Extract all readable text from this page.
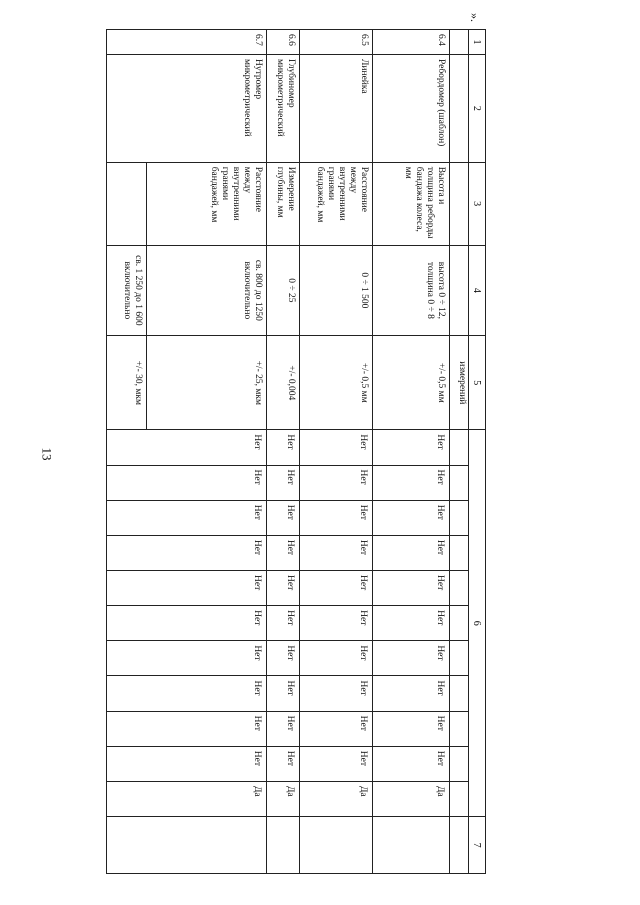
13
».
1	2	3	4	5	6											7
				измерений												
6.4	Ребордомер (шаблон)	Высота и толщина реборды бандажа колеса, мм	высота 0 ÷ 12, толщина 0 ÷ 8	+/- 0,5 мм	Нет	Нет	Нет	Нет	Нет	Нет	Нет	Нет	Нет	Нет	Да	
6.5	Линейка	Расстояние между внутренними гранями бандажей, мм	0 ÷ 1 500	+/- 0,5 мм	Нет	Нет	Нет	Нет	Нет	Нет	Нет	Нет	Нет	Нет	Да	
6.6	Глубиномер микрометрический	Измерение глубины, мм	0 ÷ 25	+/- 0,004	Нет	Нет	Нет	Нет	Нет	Нет	Нет	Нет	Нет	Нет	Да	
6.7	Нутромер микрометрический	Расстояние между внутренними гранями бандажей, мм	св. 800 до 1250 включительно	+/- 25, мкм	Нет	Нет	Нет	Нет	Нет	Нет	Нет	Нет	Нет	Нет	Да	
			св. 1 250 до 1 600 включительно	+/- 30, мкм												
